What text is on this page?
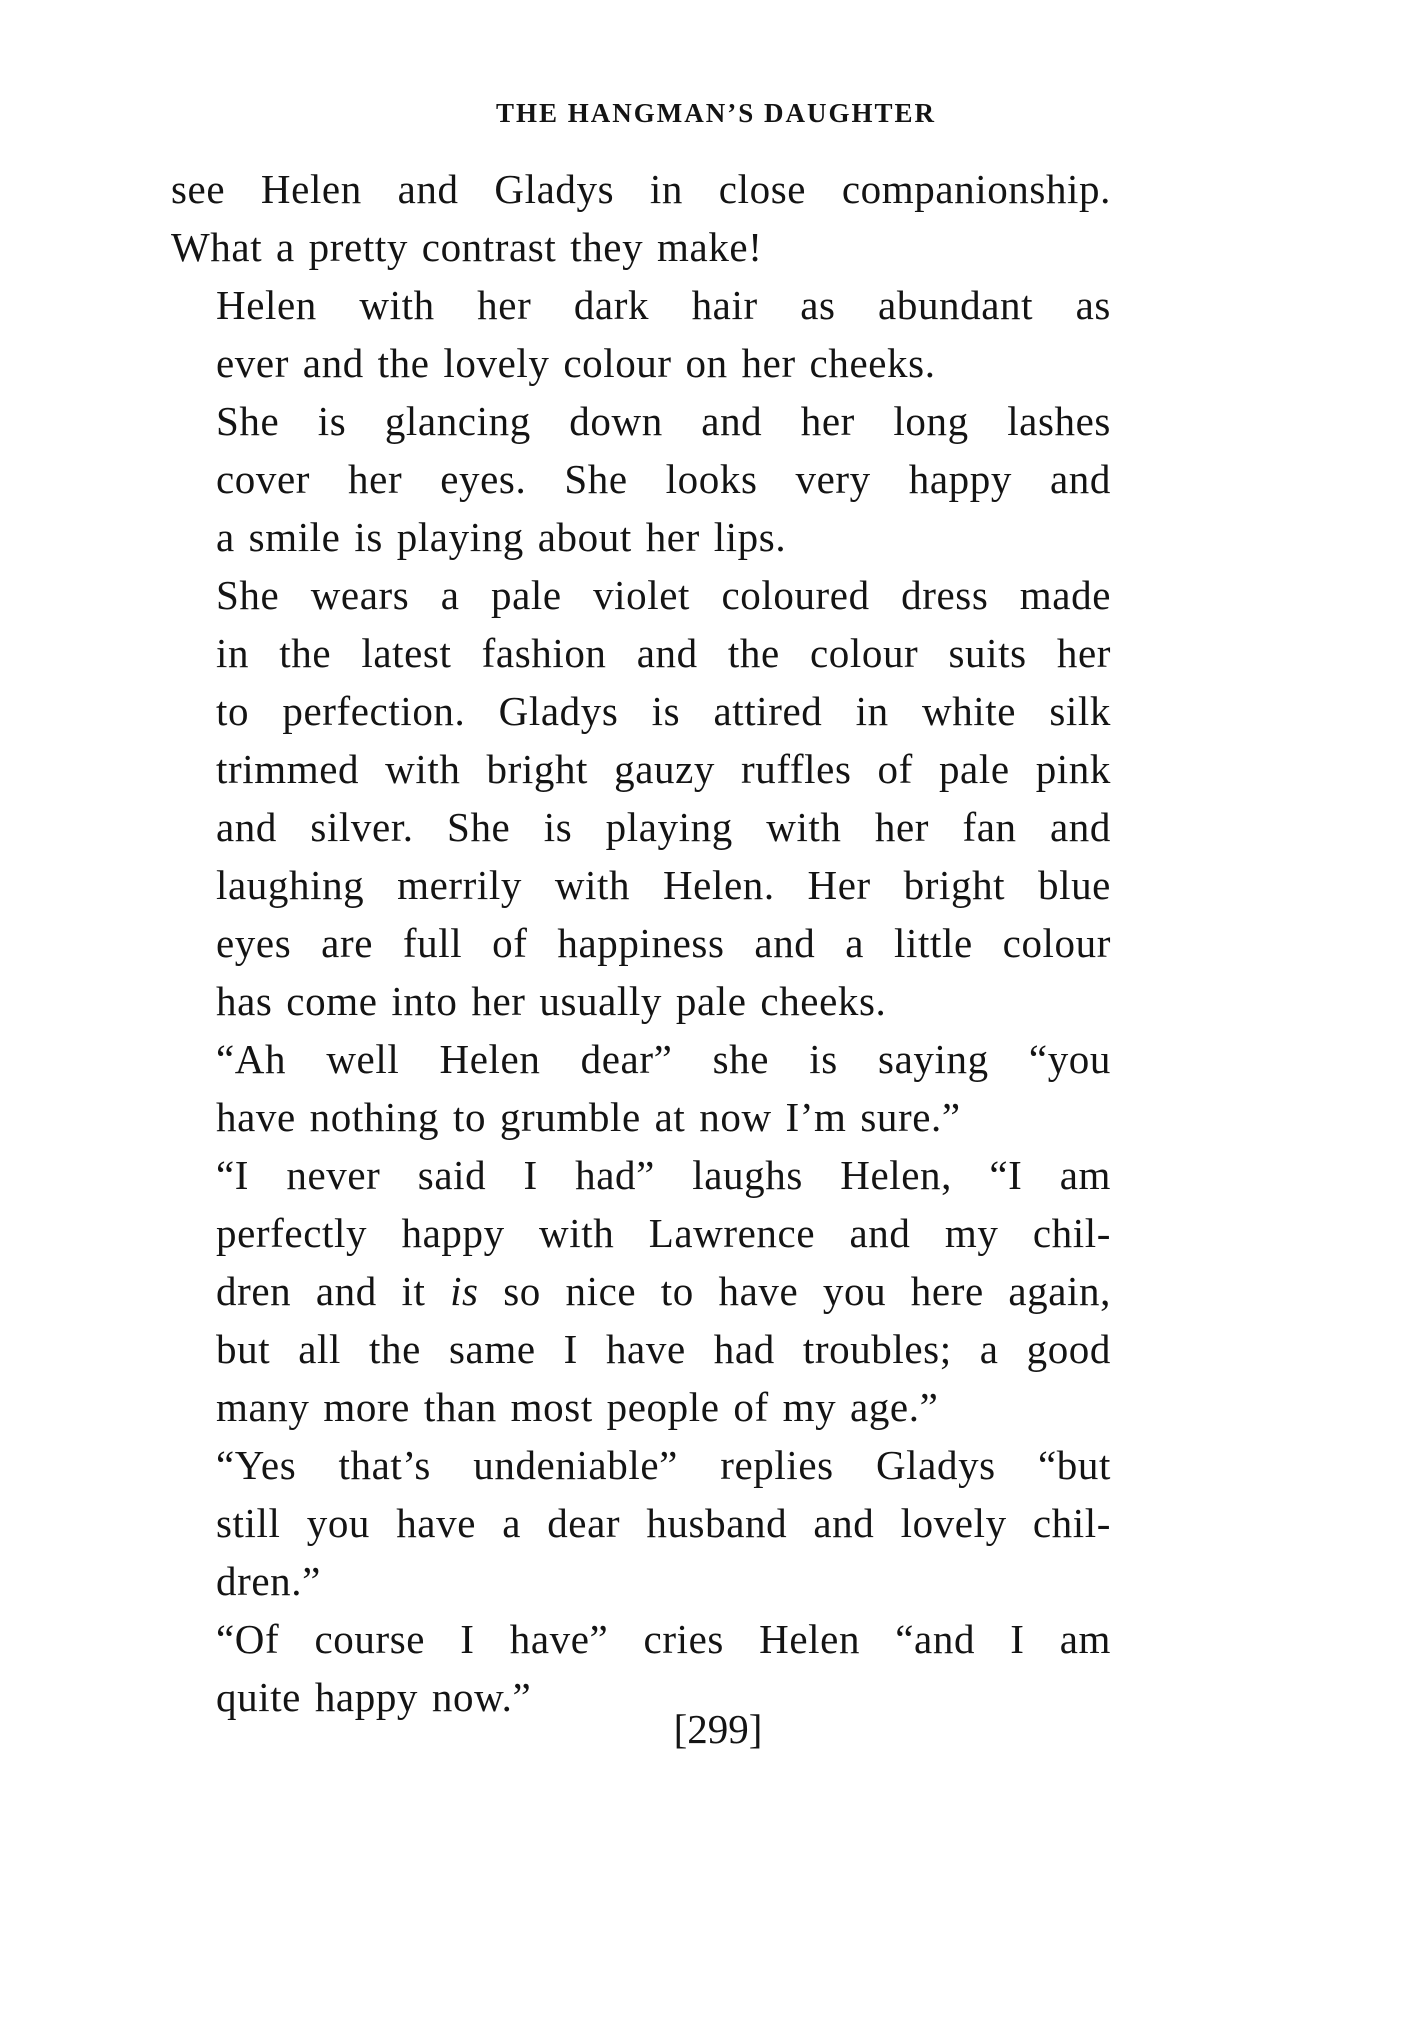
THE HANGMAN’S DAUGHTER

see Helen and Gladys in close companionship.
What a pretty contrast they make!

Helen with her dark hair as abundant as
ever and the lovely colour on her cheeks.

She is glancing down and her long lashes
cover her eyes. She looks very happy and
a smile is playing about her lips.

She wears a pale violet coloured dress made
in the latest fashion and the colour suits her
to perfection. Gladys is attired in white silk
trimmed with bright gauzy ruffles of pale pink
and silver. She is playing with her fan and
laughing merrily with Helen. Her bright blue
eyes are full of happiness and a little colour
has come into her usually pale cheeks.

“Ah well Helen dear” she is saying “you
have nothing to grumble at now I’m sure.”

“I never said I had” laughs Helen, “I am
perfectly happy with Lawrence and my chil-
dren and it is so nice to have you here again,
but all the same I have had troubles; a good
many more than most people of my age.”

“Yes that’s undeniable” replies Gladys “but
still you have a dear husband and lovely chil-
dren.”

“Of course I have” cries Helen “and I am
quite happy now.”

[299]
